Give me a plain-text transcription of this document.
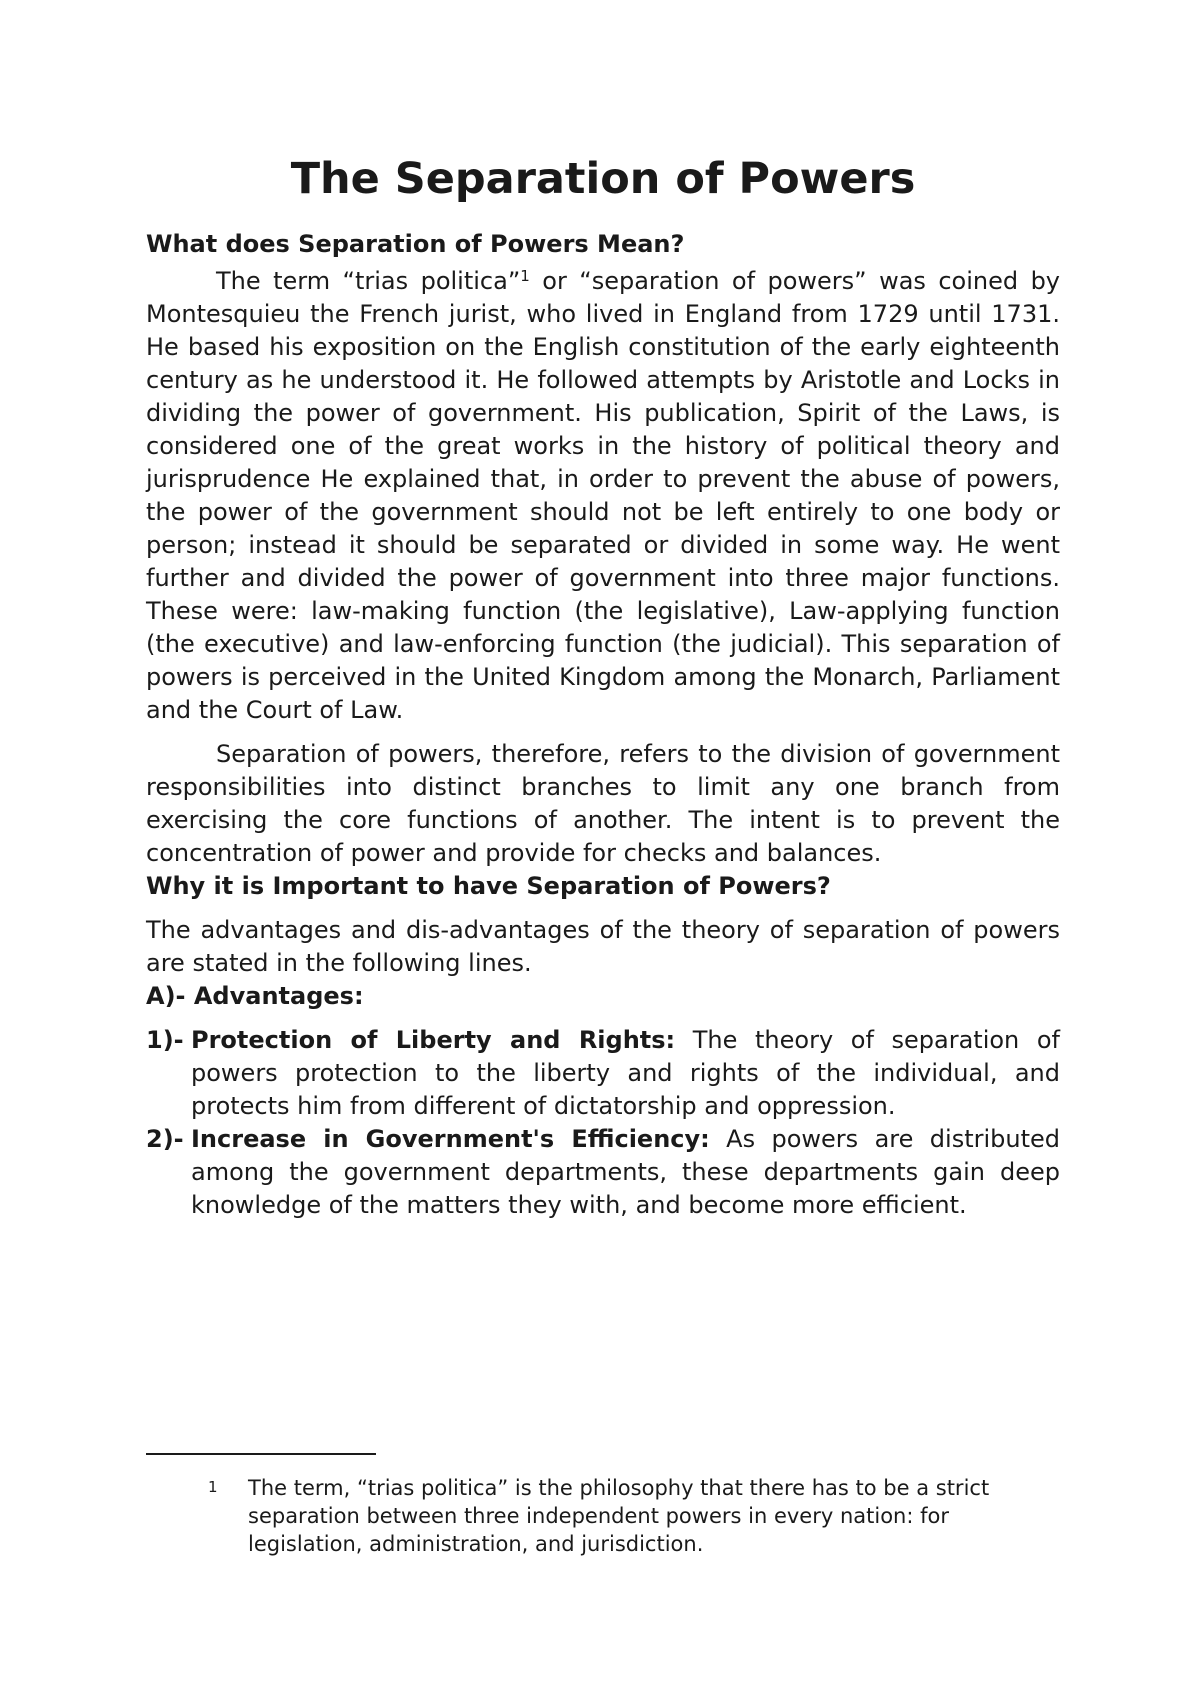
The Separation of Powers
What does Separation of Powers Mean?

The term “trias politica”$^1$ or “separation of powers” was coined by Montesquieu the French jurist, who lived in England from 1729 until 1731. He based his exposition on the English constitution of the early eighteenth century as he understood it. He followed attempts by Aristotle and Locks in dividing the power of government. His publication, Spirit of the Laws, is considered one of the great works in the history of political theory and jurisprudence He explained that, in order to prevent the abuse of powers, the power of the government should not be left entirely to one body or person; instead it should be separated or divided in some way. He went further and divided the power of government into three major functions. These were: law-making function (the legislative), Law-applying function (the executive) and law-enforcing function (the judicial). This separation of powers is perceived in the United Kingdom among the Monarch, Parliament and the Court of Law.

Separation of powers, therefore, refers to the division of government responsibilities into distinct branches to limit any one branch from exercising the core functions of another. The intent is to prevent the concentration of power and provide for checks and balances.

Why it is Important to have Separation of Powers?

The advantages and dis-advantages of the theory of separation of powers are stated in the following lines.

A)- Advantages:
1)- Protection of Liberty and Rights: The theory of separation of powers protection to the liberty and rights of the individual, and protects him from different of dictatorship and oppression.
2)- Increase in Government's Efficiency: As powers are distributed among the government departments, these departments gain deep knowledge of the matters they with, and become more efficient.
1	The term, “trias politica” is the philosophy that there has to be a strict separation between three independent powers in every nation: for legislation, administration, and jurisdiction.
